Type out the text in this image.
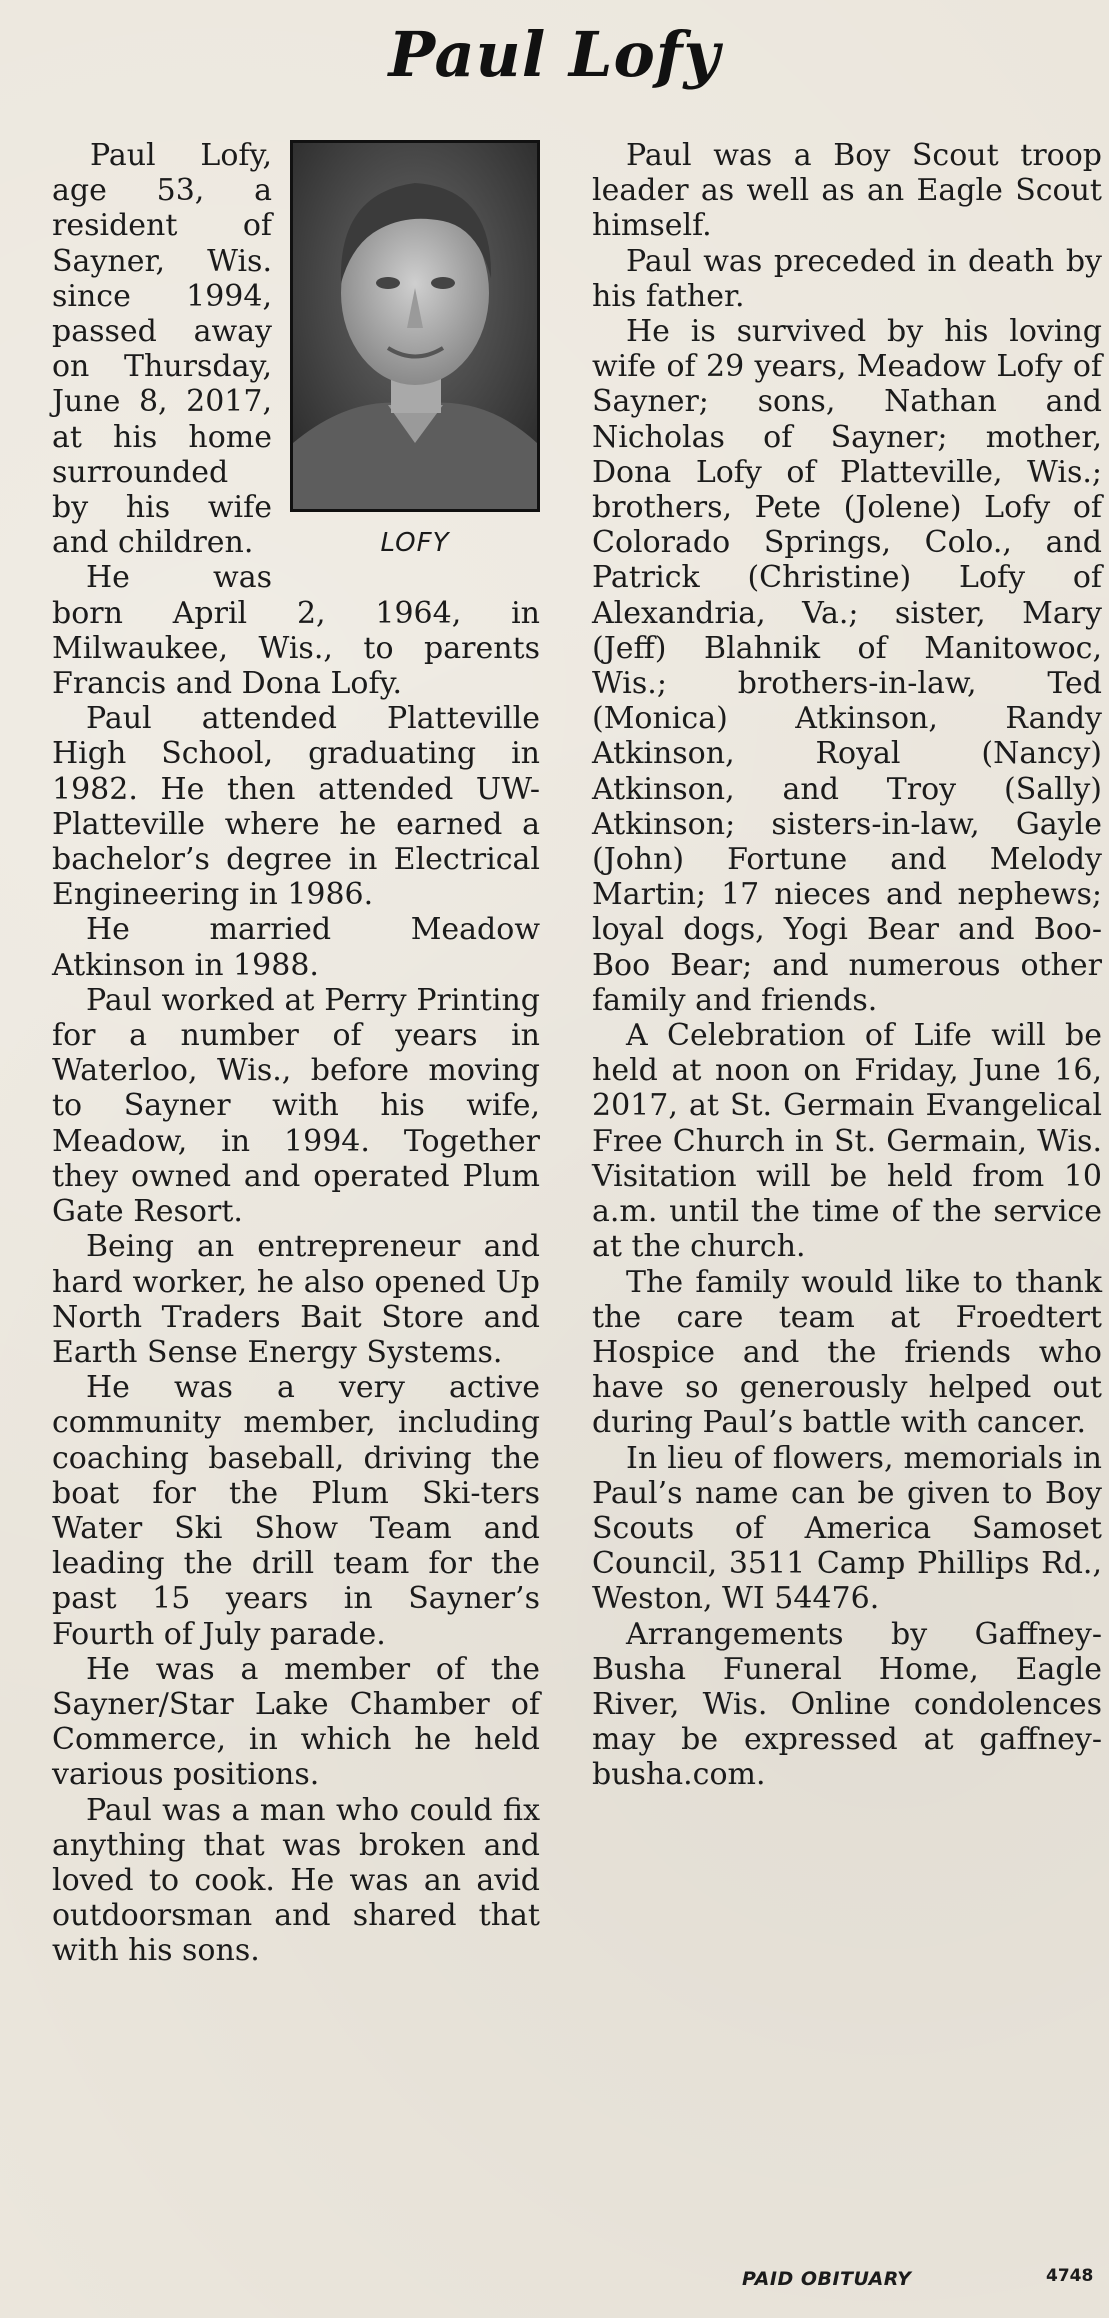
Paul Lofy
LOFY

Paul Lofy, age 53, a resident of Sayner, Wis. since 1994, passed away on Thursday, June 8, 2017, at his home surrounded by his wife and children.

He was born April 2, 1964, in Milwaukee, Wis., to parents Francis and Dona Lofy.

Paul attended Platteville High School, graduating in 1982. He then attended UW-Platteville where he earned a bachelor’s degree in Electrical Engineering in 1986.

He married Meadow Atkinson in 1988.

Paul worked at Perry Printing for a number of years in Waterloo, Wis., before moving to Sayner with his wife, Meadow, in 1994. Together they owned and operated Plum Gate Resort.

Being an entrepreneur and hard worker, he also opened Up North Traders Bait Store and Earth Sense Energy Systems.

He was a very active community member, including coaching baseball, driving the boat for the Plum Ski-ters Water Ski Show Team and leading the drill team for the past 15 years in Sayner’s Fourth of July parade.

He was a member of the Sayner/Star Lake Chamber of Commerce, in which he held various positions.

Paul was a man who could fix anything that was broken and loved to cook. He was an avid outdoorsman and shared that with his sons.

Paul was a Boy Scout troop leader as well as an Eagle Scout himself.

Paul was preceded in death by his father.

He is survived by his loving wife of 29 years, Meadow Lofy of Sayner; sons, Nathan and Nicholas of Sayner; mother, Dona Lofy of Platteville, Wis.; brothers, Pete (Jolene) Lofy of Colorado Springs, Colo., and Patrick (Christine) Lofy of Alexandria, Va.; sister, Mary (Jeff) Blahnik of Manitowoc, Wis.; brothers-in-law, Ted (Monica) Atkinson, Randy Atkinson, Royal (Nancy) Atkinson, and Troy (Sally) Atkinson; sisters-in-law, Gayle (John) Fortune and Melody Martin; 17 nieces and nephews; loyal dogs, Yogi Bear and Boo-Boo Bear; and numerous other family and friends.

A Celebration of Life will be held at noon on Friday, June 16, 2017, at St. Germain Evangelical Free Church in St. Germain, Wis. Visitation will be held from 10 a.m. until the time of the service at the church.

The family would like to thank the care team at Froedtert Hospice and the friends who have so generously helped out during Paul’s battle with cancer.

In lieu of flowers, memorials in Paul’s name can be given to Boy Scouts of America Samoset Council, 3511 Camp Phillips Rd., Weston, WI 54476.

Arrangements by Gaffney-Busha Funeral Home, Eagle River, Wis. Online condolences may be expressed at gaffney-busha.com.

PAID OBITUARY	4748
